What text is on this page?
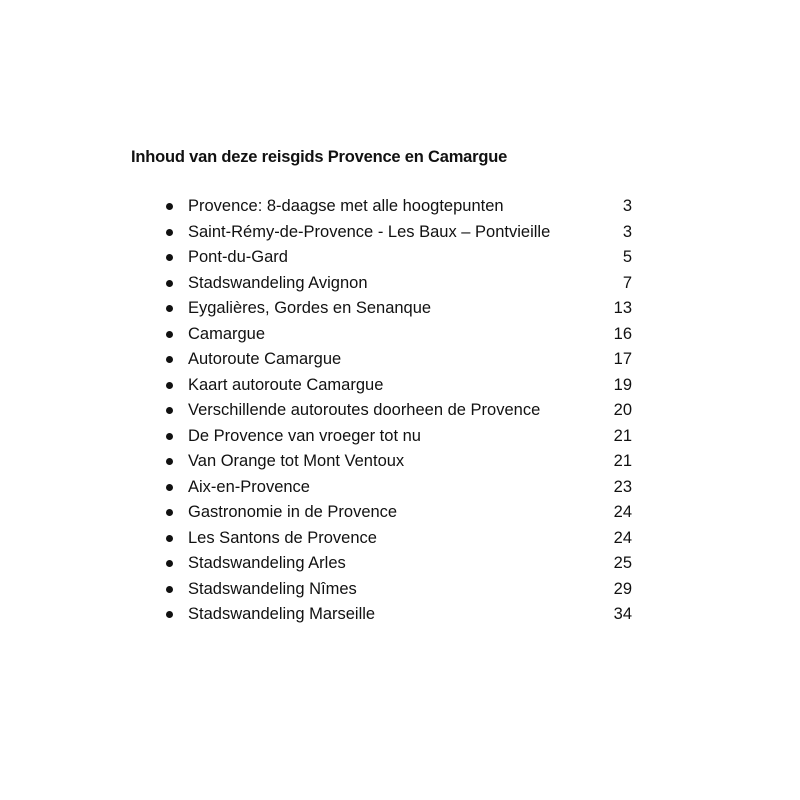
Inhoud van deze reisgids Provence en Camargue
Provence: 8-daagse met alle hoogtepunten	3
Saint-Rémy-de-Provence - Les Baux – Pontvieille	3
Pont-du-Gard	5
Stadswandeling Avignon	7
Eygalières, Gordes en Senanque	13
Camargue	16
Autoroute Camargue	17
Kaart autoroute Camargue	19
Verschillende autoroutes doorheen de Provence	20
De Provence van vroeger tot nu	21
Van Orange tot Mont Ventoux	21
Aix-en-Provence	23
Gastronomie in de Provence	24
Les Santons de Provence	24
Stadswandeling Arles	25
Stadswandeling Nîmes	29
Stadswandeling Marseille	34
